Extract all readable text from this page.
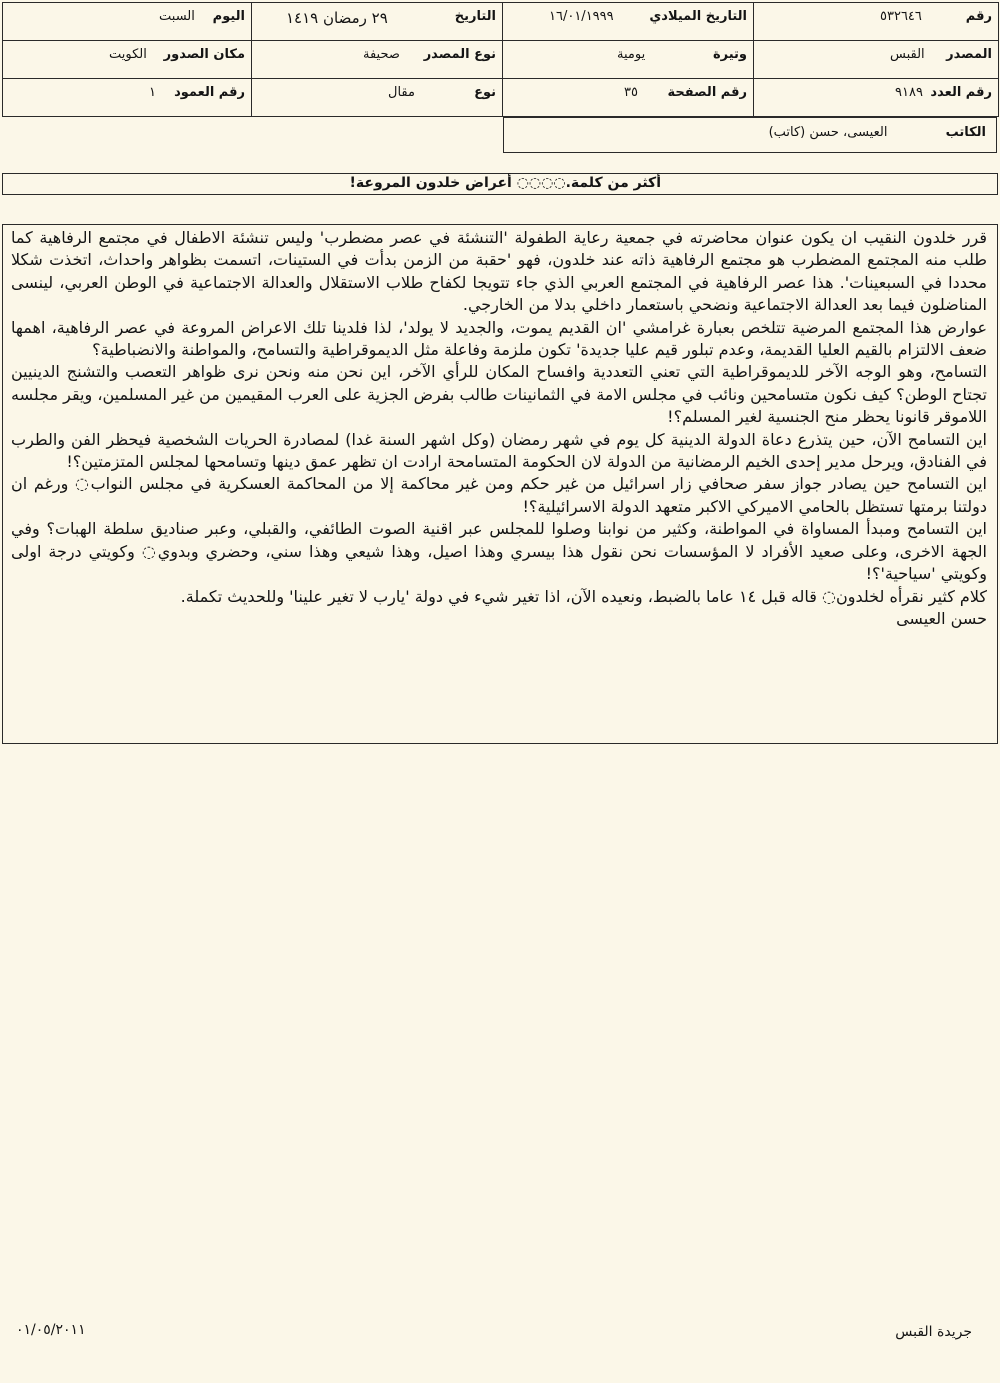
السبت اليوم	٢٩ رمضان ١٤١٩ التاريخ	١٦/٠١/١٩٩٩ التاريخ الميلادي	٥٣٢٦٤٦ رقم

الكويت مكان الصدور	صحيفة نوع المصدر	يومية وتيرة	القبس المصدر

١ رقم العمود	مقال نوع	٣٥ رقم الصفحة	٩١٨٩ رقم العدد
الكاتب العيسى، حسن (كاتب)
أكثر من كلمة.◌◌◌◌ أعراض خلدون المروعة!

قرر خلدون النقيب ان يكون عنوان محاضرته في جمعية رعاية الطفولة 'التنشئة في عصر مضطرب' وليس تنشئة الاطفال في مجتمع الرفاهية كما طلب منه المجتمع المضطرب هو مجتمع الرفاهية ذاته عند خلدون، فهو 'حقبة من الزمن بدأت في الستينات، اتسمت بظواهر واحداث، اتخذت شكلا محددا في السبعينات'. هذا عصر الرفاهية في المجتمع العربي الذي جاء تتويجا لكفاح طلاب الاستقلال والعدالة الاجتماعية في الوطن العربي، لينسى المناضلون فيما بعد العدالة الاجتماعية ونضحي باستعمار داخلي بدلا من الخارجي.

عوارض هذا المجتمع المرضية تتلخص بعبارة غرامشي 'ان القديم يموت، والجديد لا يولد'، لذا فلدينا تلك الاعراض المروعة في عصر الرفاهية، اهمها ضعف الالتزام بالقيم العليا القديمة، وعدم تبلور قيم عليا جديدة' تكون ملزمة وفاعلة مثل الديموقراطية والتسامح، والمواطنة والانضباطية؟

التسامح، وهو الوجه الآخر للديموقراطية التي تعني التعددية وافساح المكان للرأي الآخر، اين نحن منه ونحن نرى ظواهر التعصب والتشنج الدينيين تجتاح الوطن؟ كيف نكون متسامحين ونائب في مجلس الامة في الثمانينات طالب بفرض الجزية على العرب المقيمين من غير المسلمين، ويقر مجلسه اللاموقر قانونا يحظر منح الجنسية لغير المسلم؟!

اين التسامح الآن، حين يتذرع دعاة الدولة الدينية كل يوم في شهر رمضان (وكل اشهر السنة غدا) لمصادرة الحريات الشخصية فيحظر الفن والطرب في الفنادق، ويرحل مدير إحدى الخيم الرمضانية من الدولة لان الحكومة المتسامحة ارادت ان تظهر عمق دينها وتسامحها لمجلس المتزمتين؟!

اين التسامح حين يصادر جواز سفر صحافي زار اسرائيل من غير حكم ومن غير محاكمة إلا من المحاكمة العسكرية في مجلس النواب◌ ورغم ان دولتنا برمتها تستظل بالحامي الاميركي الاكبر متعهد الدولة الاسرائيلية؟!

اين التسامح ومبدأ المساواة في المواطنة، وكثير من نوابنا وصلوا للمجلس عبر اقنية الصوت الطائفي، والقبلي، وعبر صناديق سلطة الهبات؟ وفي الجهة الاخرى، وعلى صعيد الأفراد لا المؤسسات نحن نقول هذا بيسري وهذا اصيل، وهذا شيعي وهذا سني، وحضري وبدوي◌ وكويتي درجة اولى وكويتي 'سياحية'؟!

كلام كثير نقرأه لخلدون◌ قاله قبل ١٤ عاما بالضبط، ونعيده الآن، اذا تغير شيء في دولة 'يارب لا تغير علينا' وللحديث تكملة.

حسن العيسى

٠١/٠٥/٢٠١١	جريدة القبس
